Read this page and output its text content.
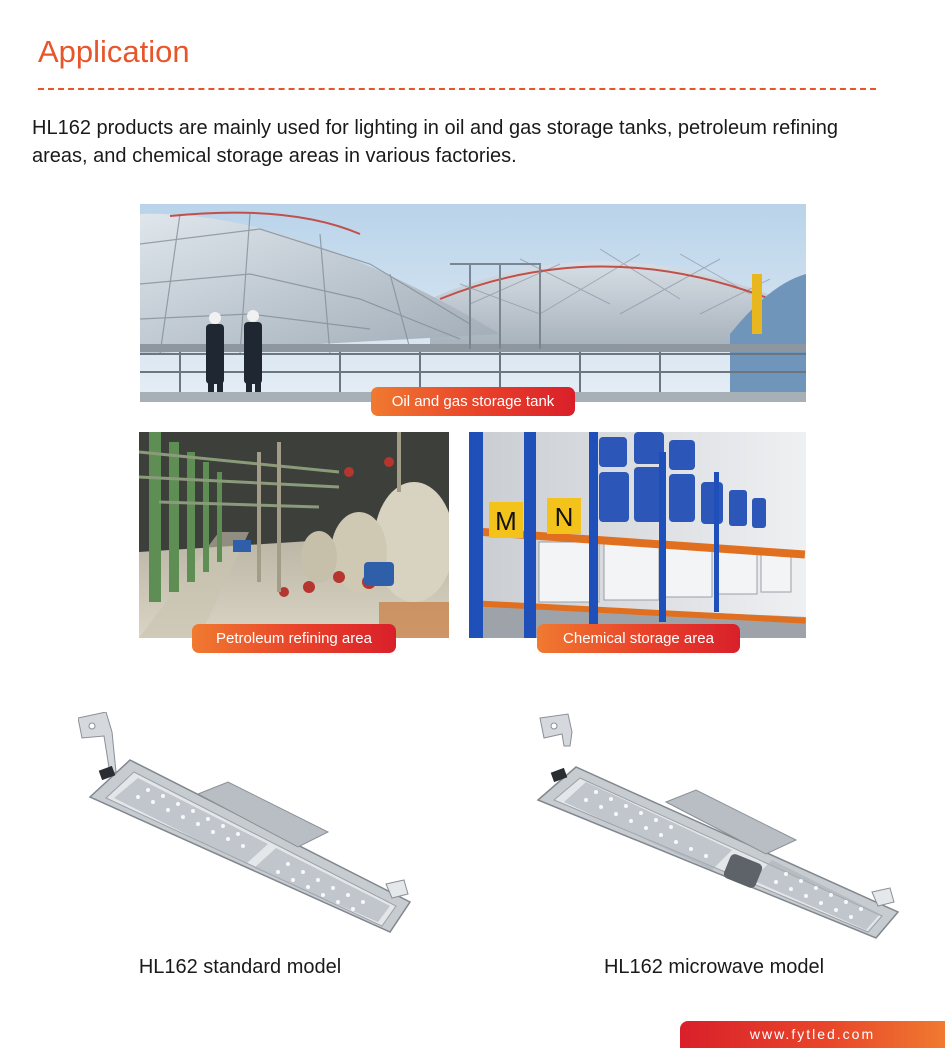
Application
HL162 products are mainly used for lighting in oil and gas storage tanks, petroleum refining areas, and chemical storage areas in various factories.
Oil and gas storage tank
Petroleum refining area
M N
Chemical storage area
HL162 standard model	HL162 microwave model
www.fytled.com
